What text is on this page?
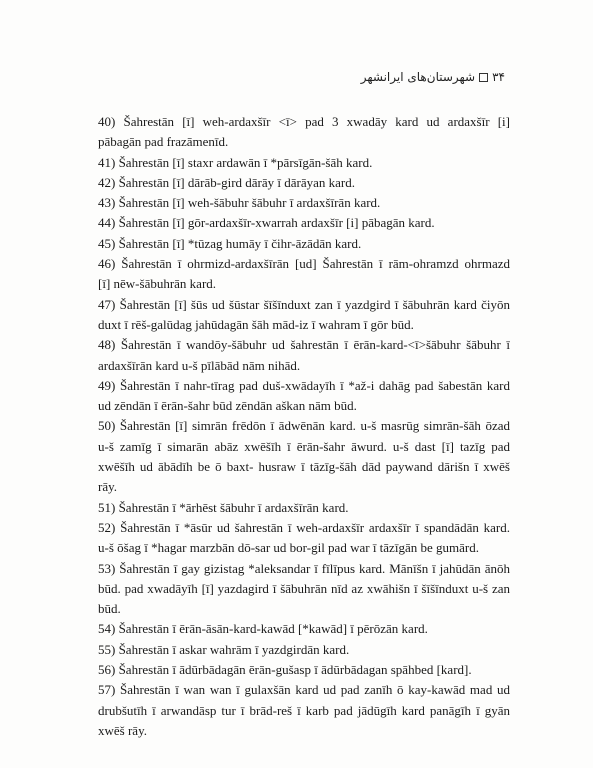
۳۴
شهرستان‌های ایرانشهر
40) Šahrestān [ī] weh-ardaxšīr <ī> pad 3 xwadāy kard ud ardaxšīr [i]
pābagān pad frazāmenīd.
41) Šahrestān [ī] staxr ardawān ī *pārsīgān-šāh kard.
42) Šahrestān [ī] dārāb-gird dārāy ī dārāyan kard.
43) Šahrestān [ī] weh-šābuhr šābuhr ī ardaxšīrān kard.
44) Šahrestān [ī] gōr-ardaxšīr-xwarrah ardaxšīr [i] pābagān kard.
45) Šahrestān [ī] *tūzag humāy ī čihr-āzādān kard.
46) Šahrestān ī ohrmizd-ardaxšīrān [ud] Šahrestān ī rām-ohramzd ohrmazd
[ī] nēw-šābuhrān kard.
47) Šahrestān [ī] šūs ud šūstar šīšīnduxt zan ī yazdgird ī šābuhrān kard čiyōn
duxt ī rēš-galūdag jahūdagān šāh mād-iz ī wahram ī gōr būd.
48) Šahrestān ī wandōy-šābuhr ud šahrestān ī ērān-kard-<ī>šābuhr šābuhr ī
ardaxšīrān kard u-š pīlābād nām nihād.
49) Šahrestān ī nahr-tīrag pad duš-xwādayīh ī *až-i dahāg pad šabestān kard
ud zēndān ī ērān-šahr būd zēndān aškan nām būd.
50) Šahrestān [ī] simrān frēdōn ī ādwēnān kard. u-š masrūg simrān-šāh ōzad
u-š zamīg ī simarān abāz xwēšīh ī ērān-šahr āwurd. u-š dast [ī] tazīg pad
xwēšīh ud ābādīh be ō baxt- husraw ī tāzīg-šāh dād paywand dārišn ī xwēš
rāy.
51) Šahrestān ī *ārhēst šābuhr ī ardaxšīrān kard.
52) Šahrestān ī *āsūr ud šahrestān ī weh-ardaxšīr ardaxšīr ī spandādān kard.
u-š ōšag ī *hagar marzbān dō-sar ud bor-gil pad war ī tāzīgān be gumārd.
53) Šahrestān ī gay gizistag *aleksandar ī fīlīpus kard. Mānīšn ī jahūdān ānōh
būd. pad xwadāyīh [ī] yazdagird ī šābuhrān nīd az xwāhišn ī šīšīnduxt u-š zan
būd.
54) Šahrestān ī ērān-āsān-kard-kawād [*kawād] ī pērōzān kard.
55) Šahrestān ī askar wahrām ī yazdgirdān kard.
56) Šahrestān ī ādūrbādagān ērān-gušasp ī ādūrbādagan spāhbed [kard].
57) Šahrestān ī wan wan ī gulaxšān kard ud pad zanīh ō kay-kawād mad ud
drubšutīh ī arwandāsp tur ī brād-reš ī karb pad jādūgīh kard panāgīh ī gyān
xwēš rāy.
